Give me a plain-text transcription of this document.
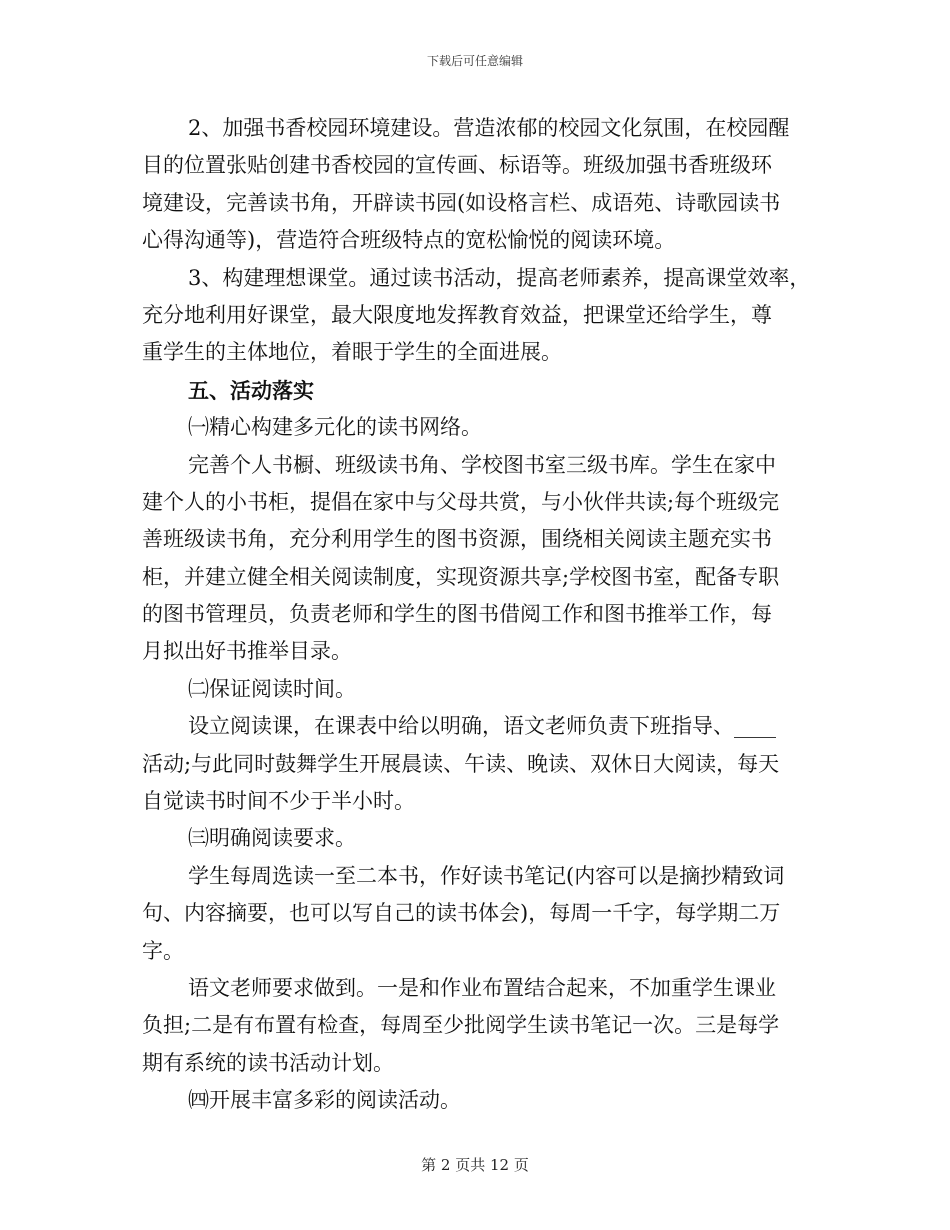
下载后可任意编辑
2、加强书香校园环境建设。营造浓郁的校园文化氛围，在校园醒
目的位置张贴创建书香校园的宣传画、标语等。班级加强书香班级环
境建设，完善读书角，开辟读书园(如设格言栏、成语苑、诗歌园读书
心得沟通等)，营造符合班级特点的宽松愉悦的阅读环境。
3、构建理想课堂。通过读书活动，提高老师素养，提高课堂效率，
充分地利用好课堂，最大限度地发挥教育效益，把课堂还给学生，尊
重学生的主体地位，着眼于学生的全面进展。
五、活动落实
㈠精心构建多元化的读书网络。
完善个人书橱、班级读书角、学校图书室三级书库。学生在家中
建个人的小书柜，提倡在家中与父母共赏，与小伙伴共读;每个班级完
善班级读书角，充分利用学生的图书资源，围绕相关阅读主题充实书
柜，并建立健全相关阅读制度，实现资源共享;学校图书室，配备专职
的图书管理员，负责老师和学生的图书借阅工作和图书推举工作，每
月拟出好书推举目录。
㈡保证阅读时间。
设立阅读课，在课表中给以明确，语文老师负责下班指导、____
活动;与此同时鼓舞学生开展晨读、午读、晚读、双休日大阅读，每天
自觉读书时间不少于半小时。
㈢明确阅读要求。
学生每周选读一至二本书，作好读书笔记(内容可以是摘抄精致词
句、内容摘要，也可以写自己的读书体会)，每周一千字，每学期二万
字。
语文老师要求做到。一是和作业布置结合起来，不加重学生课业
负担;二是有布置有检查，每周至少批阅学生读书笔记一次。三是每学
期有系统的读书活动计划。
㈣开展丰富多彩的阅读活动。
第 2 页共 12 页
